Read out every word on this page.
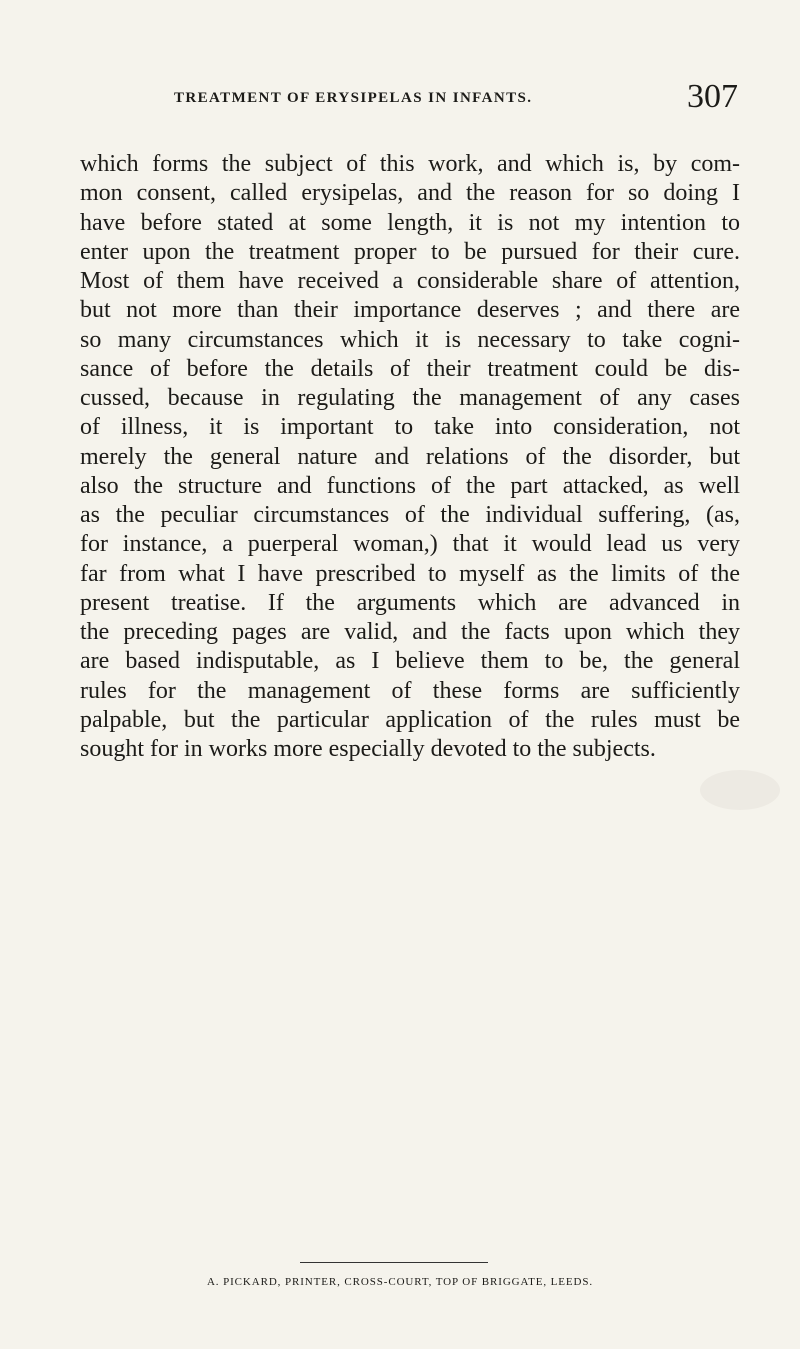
TREATMENT OF ERYSIPELAS IN INFANTS.	307
which forms the subject of this work, and which is, by com-
mon consent, called erysipelas, and the reason for so doing I
have before stated at some length, it is not my intention to
enter upon the treatment proper to be pursued for their cure.
Most of them have received a considerable share of attention,
but not more than their importance deserves ; and there are
so many circumstances which it is necessary to take cogni-
sance of before the details of their treatment could be dis-
cussed, because in regulating the management of any cases
of illness, it is important to take into consideration, not
merely the general nature and relations of the disorder, but
also the structure and functions of the part attacked, as well
as the peculiar circumstances of the individual suffering, (as,
for instance, a puerperal woman,) that it would lead us very
far from what I have prescribed to myself as the limits of the
present treatise. If the arguments which are advanced in
the preceding pages are valid, and the facts upon which they
are based indisputable, as I believe them to be, the general
rules for the management of these forms are sufficiently
palpable, but the particular application of the rules must be
sought for in works more especially devoted to the subjects.
A. PICKARD, PRINTER, CROSS-COURT, TOP OF BRIGGATE, LEEDS.
